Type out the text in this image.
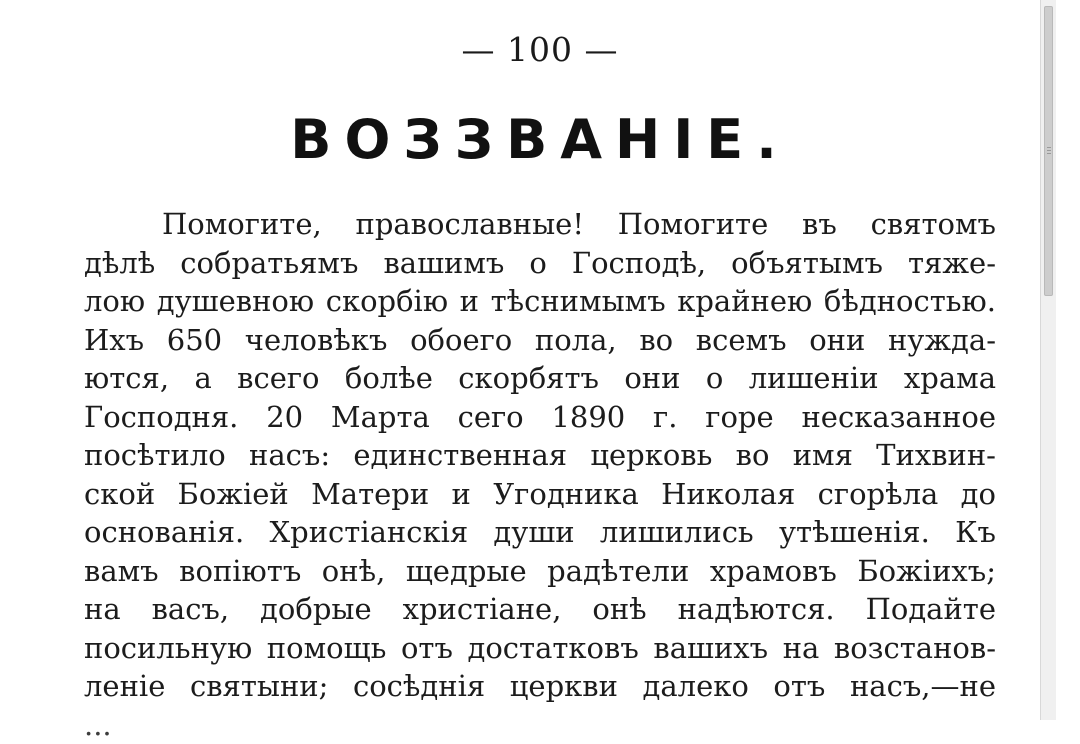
— 100 —
ВОЗЗВАНІЕ.
Помогите, православные! Помогите въ святомъ
дѣлѣ собратьямъ вашимъ о Господѣ, объятымъ тяже-
лою душевною скорбію и тѣснимымъ крайнею бѣдностью.
Ихъ 650 человѣкъ обоего пола, во всемъ они нужда-
ются, а всего болѣе скорбятъ они о лишеніи храма
Господня. 20 Марта сего 1890 г. горе несказанное
посѣтило насъ: единственная церковь во имя Тихвин-
ской Божіей Матери и Угодника Николая сгорѣла до
основанія. Христіанскія души лишились утѣшенія. Къ
вамъ вопіютъ онѣ, щедрые радѣтели храмовъ Божіихъ;
на васъ, добрые христіане, онѣ надѣются. Подайте
посильную помощь отъ достатковъ вашихъ на возстанов-
леніе святыни; сосѣднія церкви далеко отъ насъ,—не
...
